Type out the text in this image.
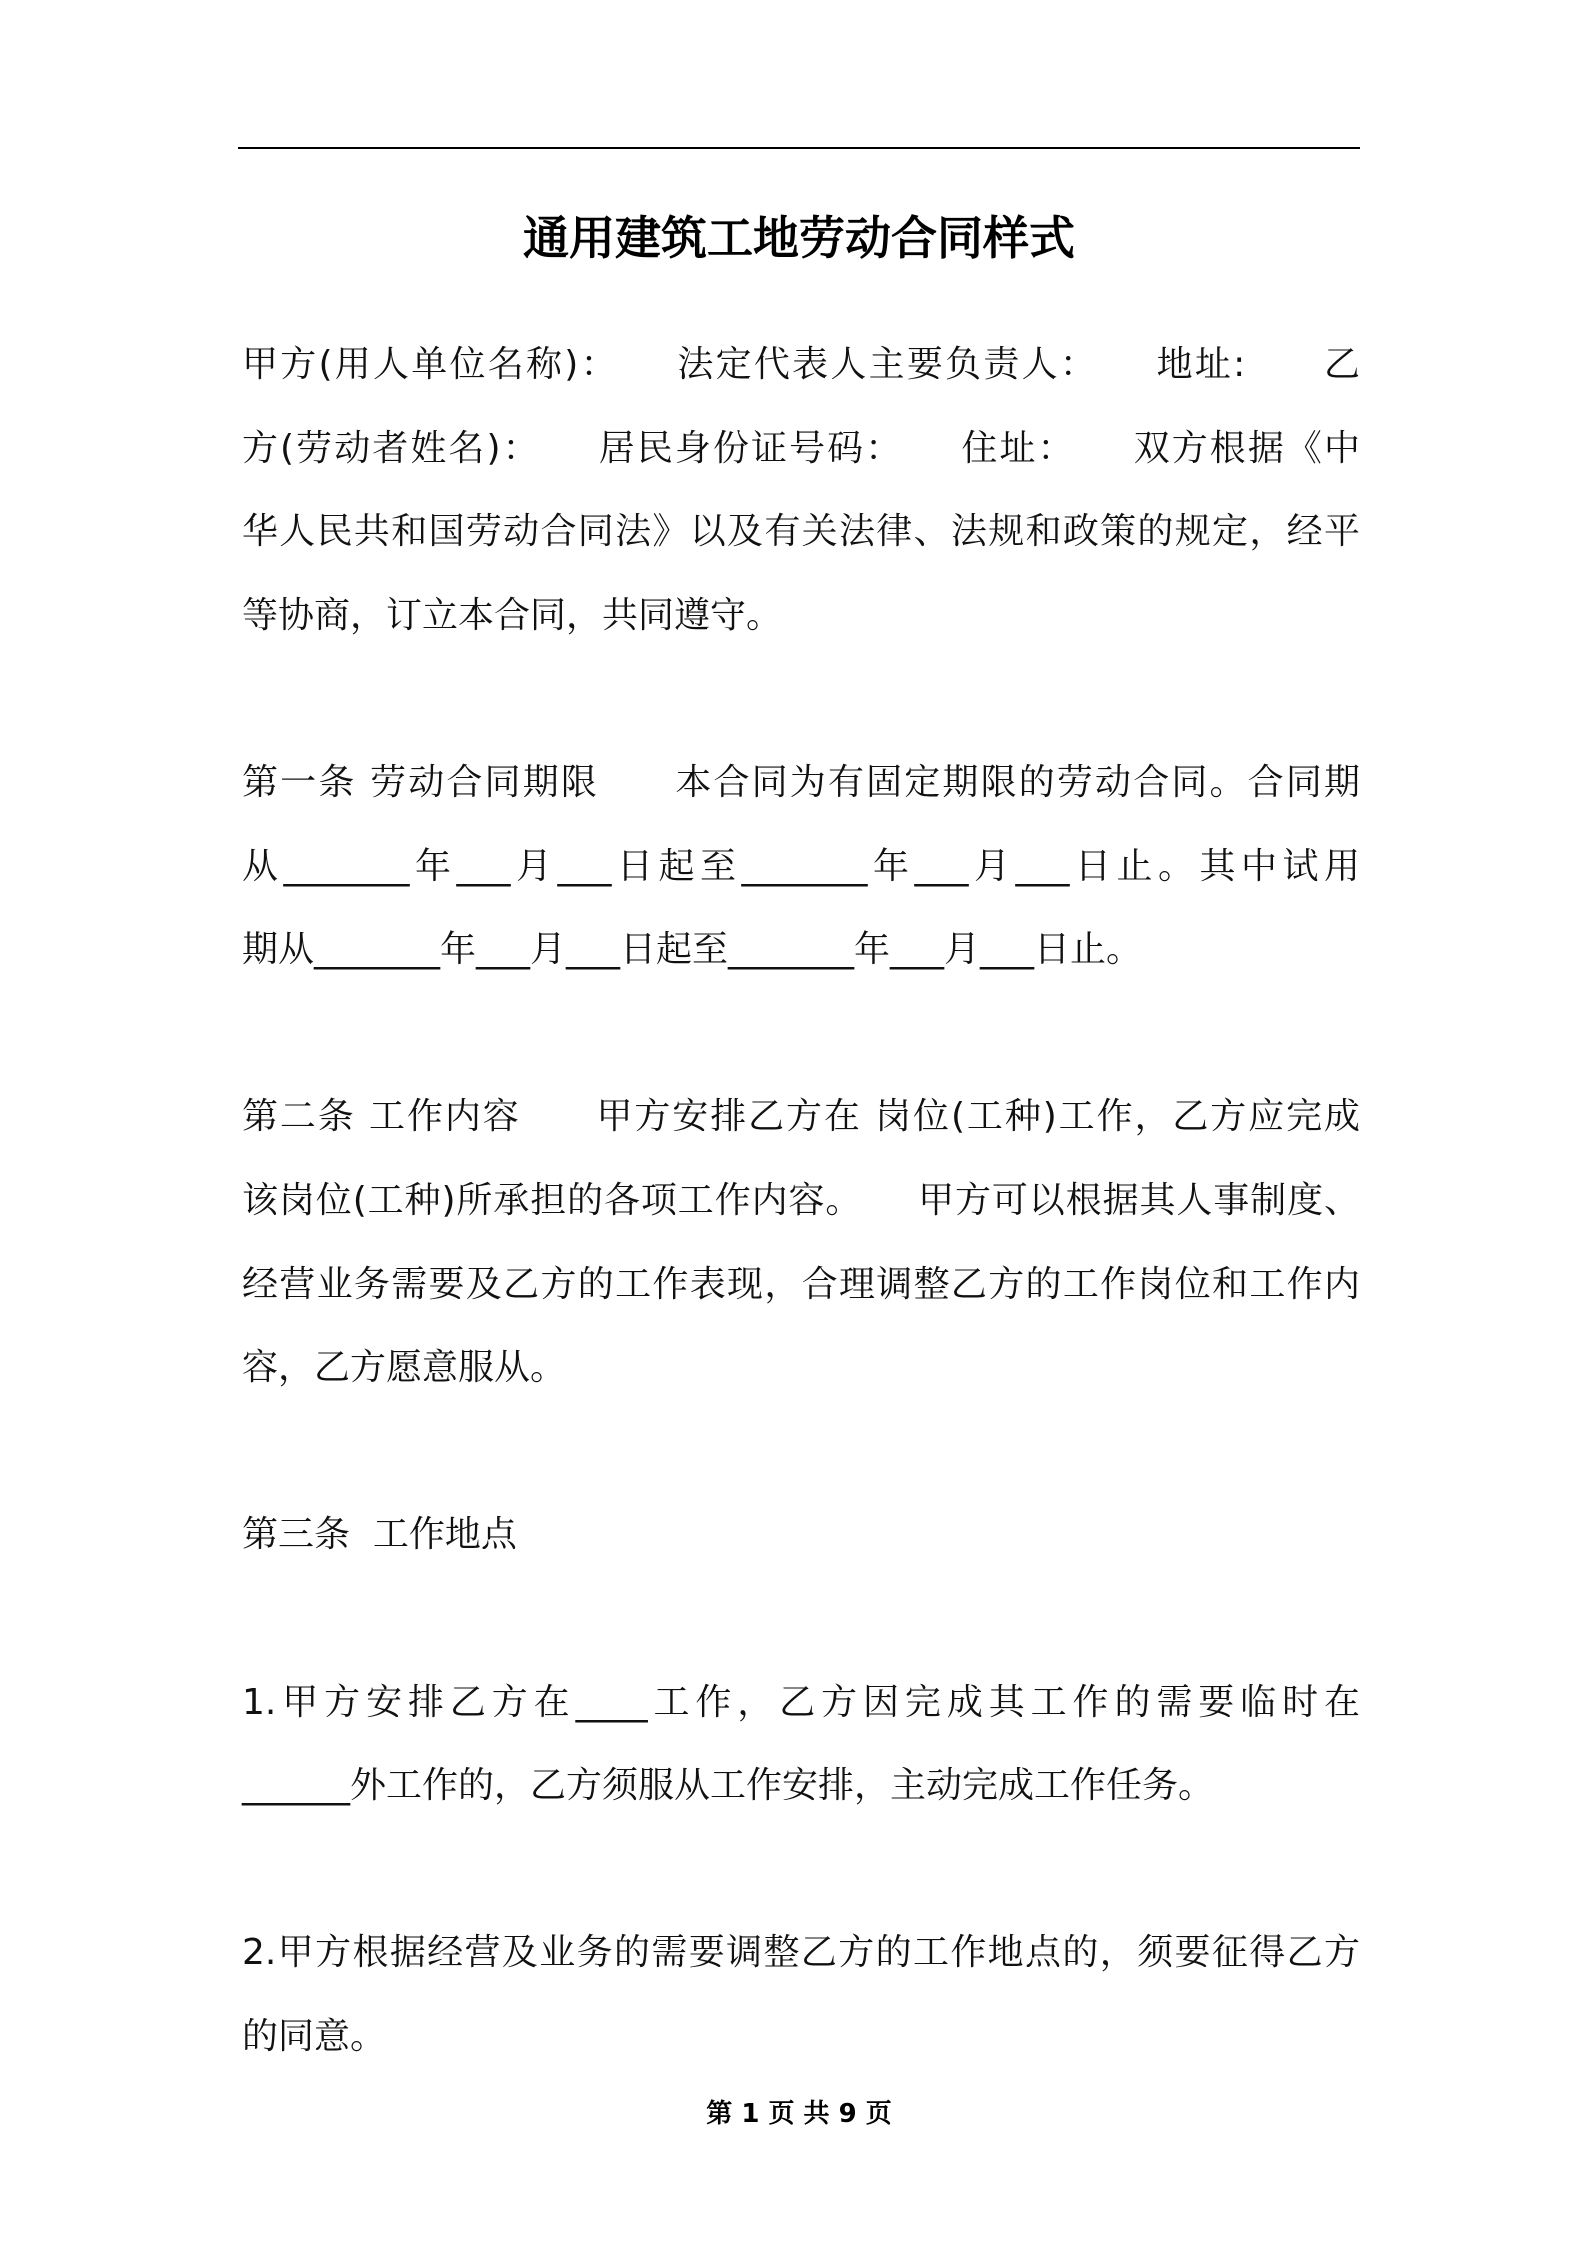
通用建筑工地劳动合同样式
甲方(用人单位名称)：　　法定代表人主要负责人：　　地址:　　乙
方(劳动者姓名)：　　居民身份证号码：　　住址：　　双方根据《中
华人民共和国劳动合同法》以及有关法律、法规和政策的规定，经平
等协商，订立本合同，共同遵守。
第一条 劳动合同期限　　本合同为有固定期限的劳动合同。合同期
从_______年___月___日起至_______年___月___日止。其中试用
期从_______年___月___日起至_______年___月___日止。
第二条 工作内容　　甲方安排乙方在 岗位(工种)工作，乙方应完成
该岗位(工种)所承担的各项工作内容。　　甲方可以根据其人事制度、
经营业务需要及乙方的工作表现，合理调整乙方的工作岗位和工作内
容，乙方愿意服从。
第三条  工作地点
1.甲方安排乙方在____工作，乙方因完成其工作的需要临时在
______外工作的，乙方须服从工作安排，主动完成工作任务。
2.甲方根据经营及业务的需要调整乙方的工作地点的，须要征得乙方
的同意。
第 1 页 共 9 页
